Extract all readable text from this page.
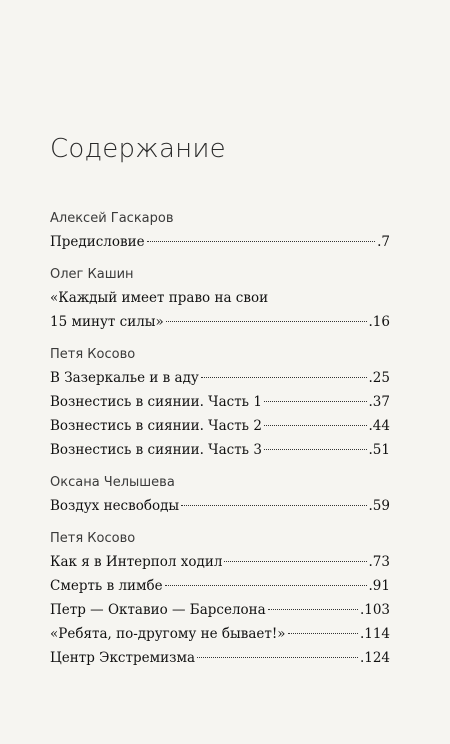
Содержание
Алексей Гаскаров
Предисловие	.7
Олег Кашин
«Каждый имеет право на свои
15 минут силы»	.16
Петя Косово
В Зазеркалье и в аду	.25
Вознестись в сиянии. Часть 1	.37
Вознестись в сиянии. Часть 2	.44
Вознестись в сиянии. Часть 3	.51
Оксана Челышева
Воздух несвободы	.59
Петя Косово
Как я в Интерпол ходил	.73
Смерть в лимбе	.91
Петр — Октавио — Барселона	.103
«Ребята, по-другому не бывает!»	.114
Центр Экстремизма	.124
